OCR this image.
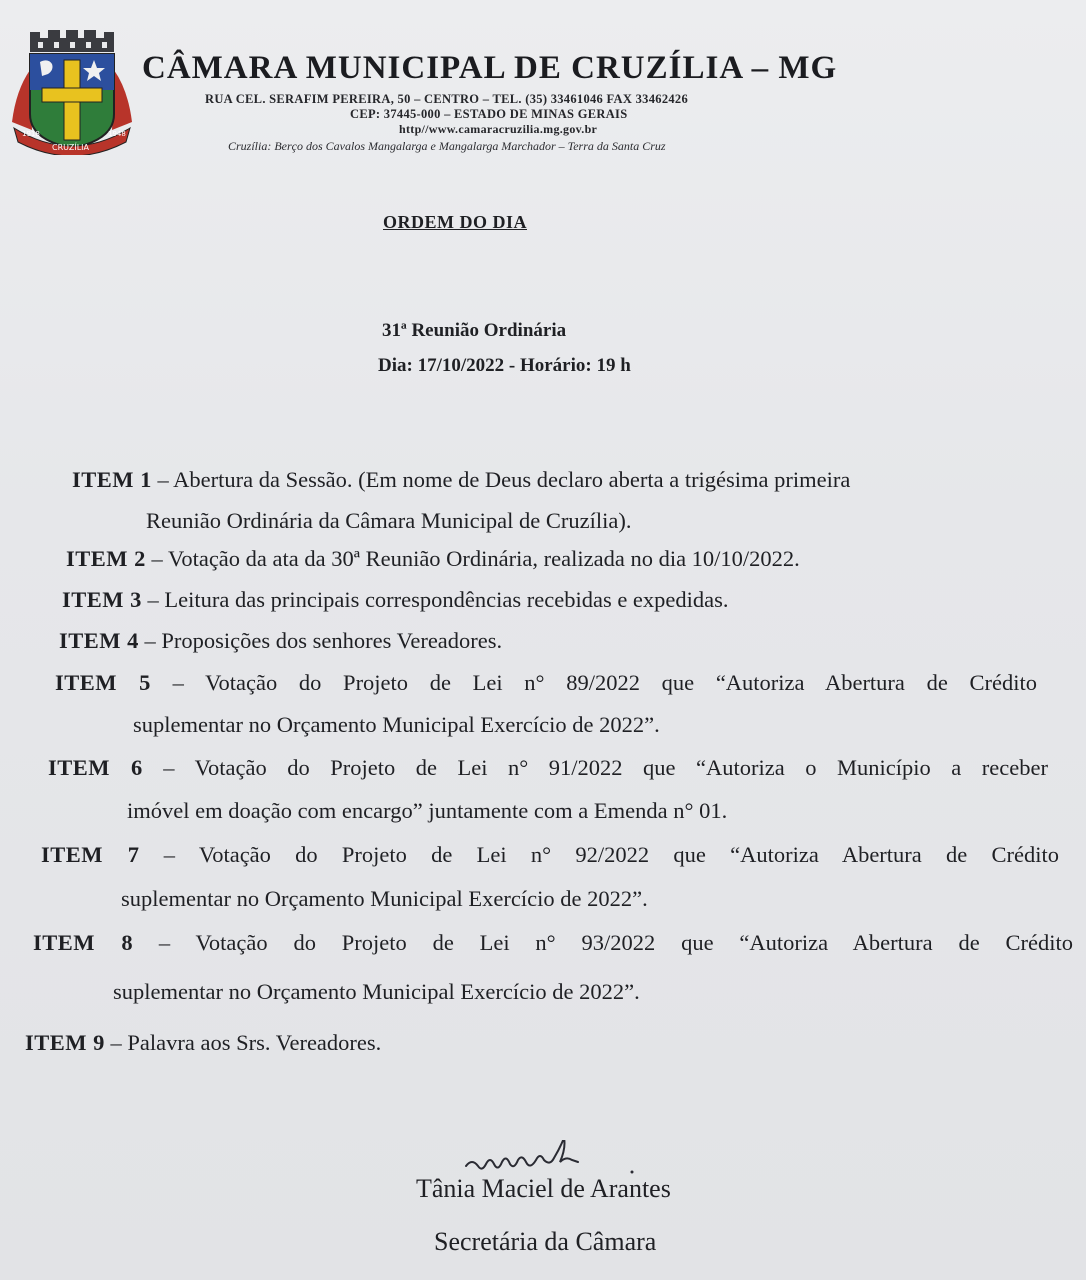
1918	1948
CRUZÍLIA
CÂMARA MUNICIPAL DE CRUZÍLIA – MG
RUA CEL. SERAFIM PEREIRA, 50 – CENTRO – TEL. (35) 33461046 FAX 33462426
CEP: 37445-000 – ESTADO DE MINAS GERAIS
http//www.camaracruzilia.mg.gov.br
Cruzília: Berço dos Cavalos Mangalarga e Mangalarga Marchador – Terra da Santa Cruz
ORDEM DO DIA
31ª Reunião Ordinária
Dia: 17/10/2022 - Horário: 19 h
ITEM 1 – Abertura da Sessão. (Em nome de Deus declaro aberta a trigésima primeira
Reunião Ordinária da Câmara Municipal de Cruzília).
ITEM 2 – Votação da ata da 30ª Reunião Ordinária, realizada no dia 10/10/2022.
ITEM 3 – Leitura das principais correspondências recebidas e expedidas.
ITEM 4 – Proposições dos senhores Vereadores.
ITEM 5 – Votação do Projeto de Lei n° 89/2022 que “Autoriza Abertura de Crédito
suplementar no Orçamento Municipal Exercício de 2022”.
ITEM 6 – Votação do Projeto de Lei n° 91/2022 que “Autoriza o Município a receber
imóvel em doação com encargo” juntamente com a Emenda n° 01.
ITEM 7 – Votação do Projeto de Lei n° 92/2022 que “Autoriza Abertura de Crédito
suplementar no Orçamento Municipal Exercício de 2022”.
ITEM 8 – Votação do Projeto de Lei n° 93/2022 que “Autoriza Abertura de Crédito
suplementar no Orçamento Municipal Exercício de 2022”.
ITEM 9 – Palavra aos Srs. Vereadores.
Tânia Maciel de Arantes
Secretária da Câmara
